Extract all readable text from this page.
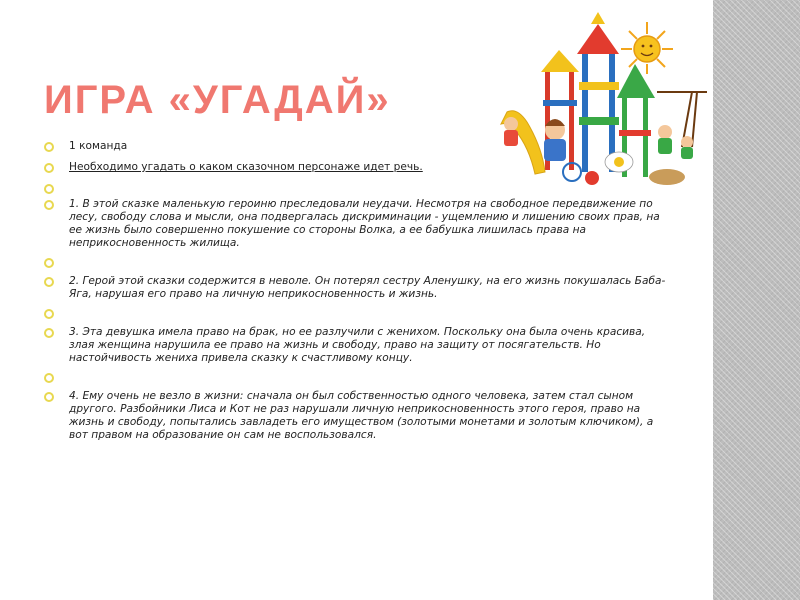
ИГРА «УГАДАЙ»
1 команда
Необходимо угадать о каком сказочном персонаже идет речь.
1. В этой сказке маленькую героиню преследовали неудачи. Несмотря на свободное передвижение по лесу, свободу слова и мысли, она подвергалась дискриминации - ущемлению и лишению своих прав, на ее жизнь было совершенно покушение со стороны Волка, а ее бабушка лишилась права на неприкосновенность жилища.
2. Герой этой сказки содержится в неволе. Он потерял сестру Аленушку, на его жизнь покушалась Баба-Яга, нарушая его право на личную неприкосновенность и жизнь.
3. Эта девушка имела право на брак, но ее разлучили с женихом. Поскольку она была очень красива, злая женщина нарушила ее право на жизнь и свободу, право на защиту от посягательств. Но настойчивость жениха привела сказку к счастливому концу.
4. Ему очень не везло в жизни: сначала он был собственностью одного человека, затем стал сыном другого. Разбойники Лиса и Кот не раз нарушали личную неприкосновенность этого героя, право на жизнь и свободу, попытались завладеть его имуществом (золотыми монетами и золотым ключиком), а вот правом на образование он сам не воспользовался.
